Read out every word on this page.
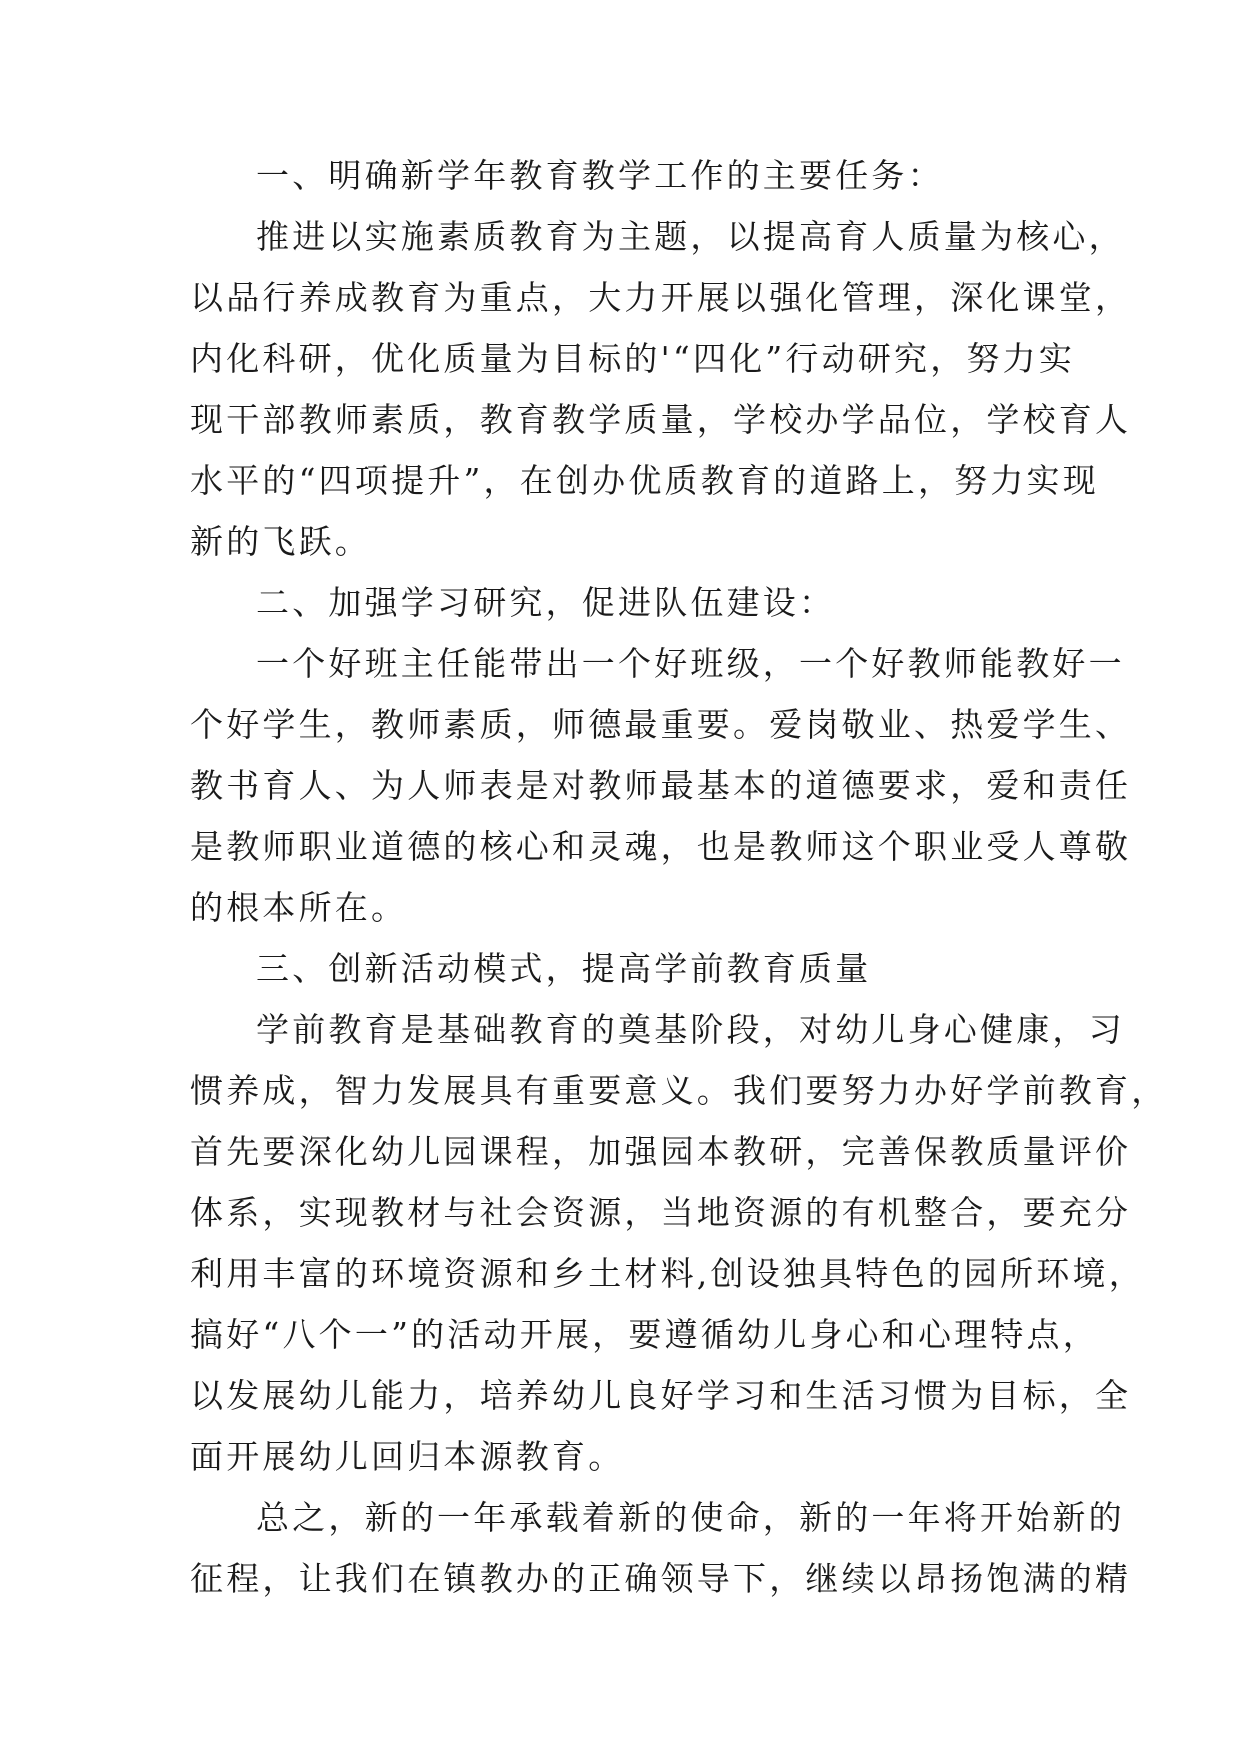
一、明确新学年教育教学工作的主要任务：
推进以实施素质教育为主题，以提高育人质量为核心，
以品行养成教育为重点，大力开展以强化管理，深化课堂，
内化科研，优化质量为目标的'“四化”行动研究，努力实
现干部教师素质，教育教学质量，学校办学品位，学校育人
水平的“四项提升”，在创办优质教育的道路上，努力实现
新的飞跃。
二、加强学习研究，促进队伍建设：
一个好班主任能带出一个好班级，一个好教师能教好一
个好学生，教师素质，师德最重要。爱岗敬业、热爱学生、
教书育人、为人师表是对教师最基本的道德要求，爱和责任
是教师职业道德的核心和灵魂，也是教师这个职业受人尊敬
的根本所在。
三、创新活动模式，提高学前教育质量
学前教育是基础教育的奠基阶段，对幼儿身心健康，习
惯养成，智力发展具有重要意义。我们要努力办好学前教育，
首先要深化幼儿园课程，加强园本教研，完善保教质量评价
体系，实现教材与社会资源，当地资源的有机整合，要充分
利用丰富的环境资源和乡土材料,创设独具特色的园所环境，
搞好“八个一”的活动开展，要遵循幼儿身心和心理特点，
以发展幼儿能力，培养幼儿良好学习和生活习惯为目标，全
面开展幼儿回归本源教育。
总之，新的一年承载着新的使命，新的一年将开始新的
征程，让我们在镇教办的正确领导下，继续以昂扬饱满的精
